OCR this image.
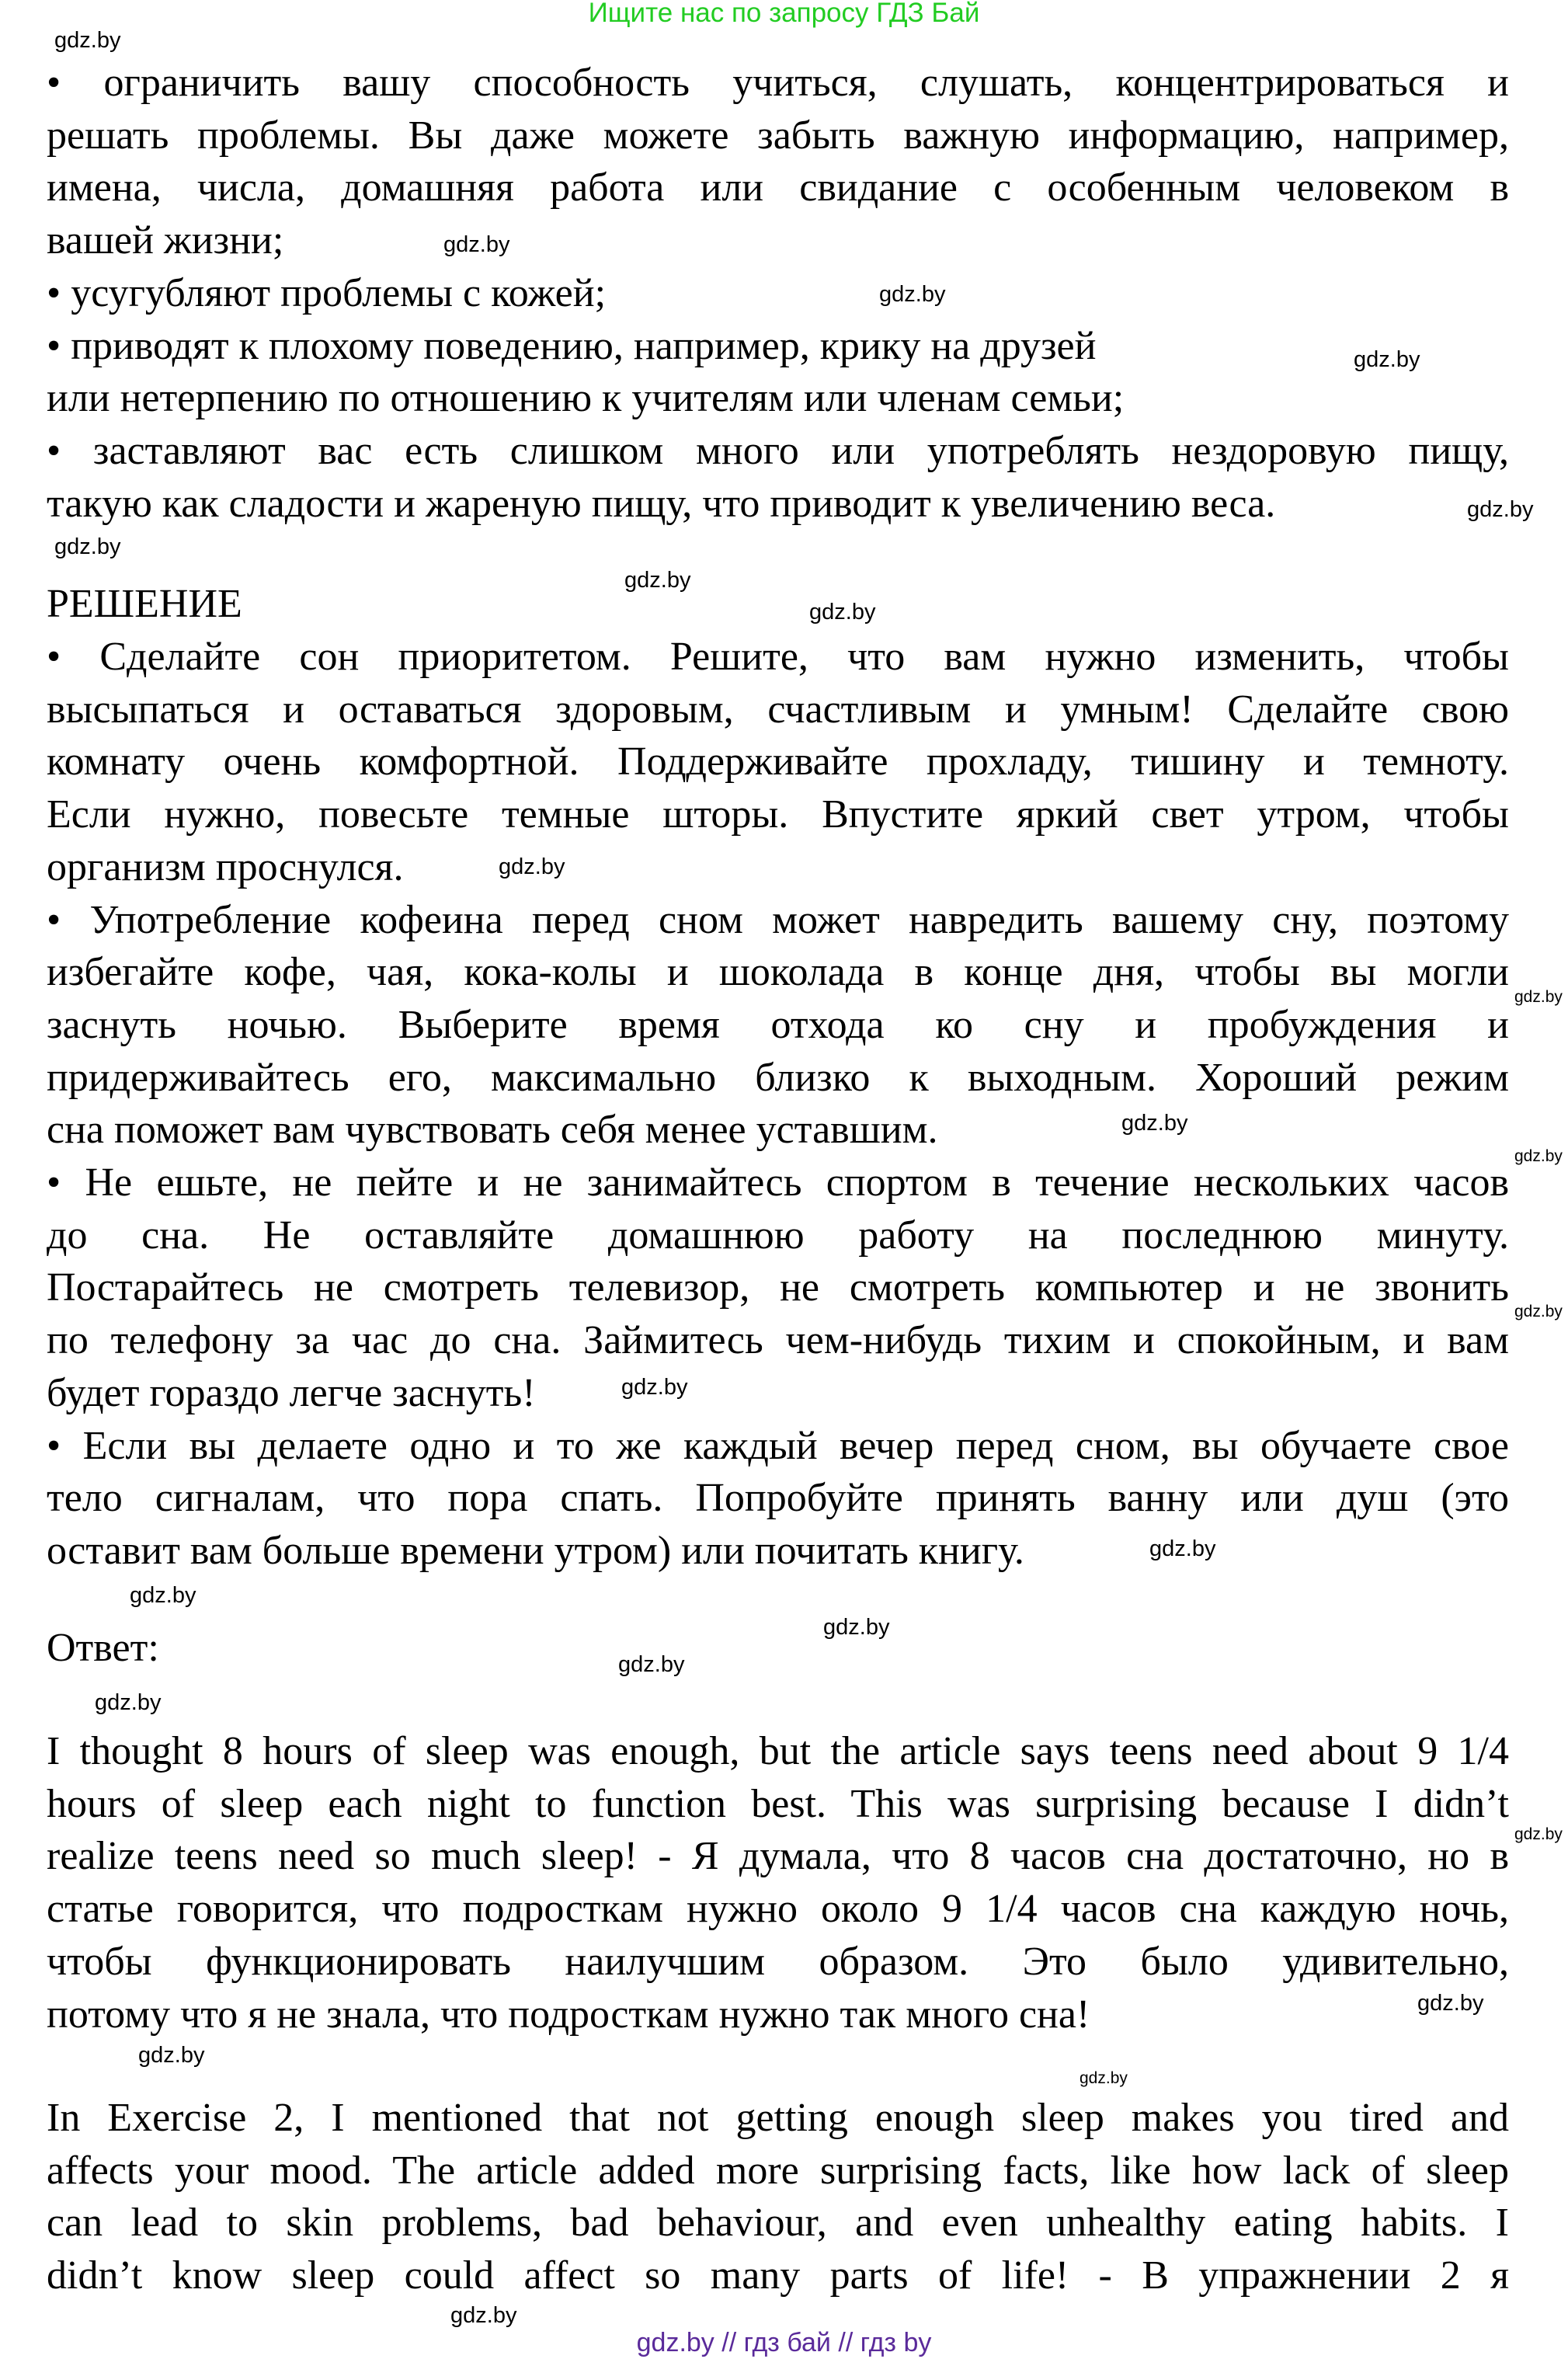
Ищите нас по запросу ГДЗ Бай
• ограничить вашу способность учиться, слушать, концентрироваться и
решать проблемы. Вы даже можете забыть важную информацию, например,
имена, числа, домашняя работа или свидание с особенным человеком в
вашей жизни;
• усугубляют проблемы с кожей;
• приводят к плохому поведению, например, крику на друзей
или нетерпению по отношению к учителям или членам семьи;
• заставляют вас есть слишком много или употреблять нездоровую пищу,
такую как сладости и жареную пищу, что приводит к увеличению веса.
РЕШЕНИЕ
• Сделайте сон приоритетом. Решите, что вам нужно изменить, чтобы
высыпаться и оставаться здоровым, счастливым и умным! Сделайте свою
комнату очень комфортной. Поддерживайте прохладу, тишину и темноту.
Если нужно, повесьте темные шторы. Впустите яркий свет утром, чтобы
организм проснулся.
• Употребление кофеина перед сном может навредить вашему сну, поэтому
избегайте кофе, чая, кока-колы и шоколада в конце дня, чтобы вы могли
заснуть ночью. Выберите время отхода ко сну и пробуждения и
придерживайтесь его, максимально близко к выходным. Хороший режим
сна поможет вам чувствовать себя менее уставшим.
• Не ешьте, не пейте и не занимайтесь спортом в течение нескольких часов
до сна. Не оставляйте домашнюю работу на последнюю минуту.
Постарайтесь не смотреть телевизор, не смотреть компьютер и не звонить
по телефону за час до сна. Займитесь чем-нибудь тихим и спокойным, и вам
будет гораздо легче заснуть!
• Если вы делаете одно и то же каждый вечер перед сном, вы обучаете свое
тело сигналам, что пора спать. Попробуйте принять ванну или душ (это
оставит вам больше времени утром) или почитать книгу.
Ответ:
I thought 8 hours of sleep was enough, but the article says teens need about 9 1/4
hours of sleep each night to function best. This was surprising because I didn’t
realize teens need so much sleep! - Я думала, что 8 часов сна достаточно, но в
статье говорится, что подросткам нужно около 9 1/4 часов сна каждую ночь,
чтобы функционировать наилучшим образом. Это было удивительно,
потому что я не знала, что подросткам нужно так много сна!
In Exercise 2, I mentioned that not getting enough sleep makes you tired and
affects your mood. The article added more surprising facts, like how lack of sleep
can lead to skin problems, bad behaviour, and even unhealthy eating habits. I
didn’t know sleep could affect so many parts of life! - В упражнении 2 я
gdz.by
gdz.by
gdz.by
gdz.by
gdz.by
gdz.by
gdz.by
gdz.by
gdz.by
gdz.by
gdz.by
gdz.by
gdz.by
gdz.by
gdz.by
gdz.by
gdz.by
gdz.by
gdz.by
gdz.by
gdz.by
gdz.by
gdz.by
gdz.by
gdz.by // гдз бай // гдз by
